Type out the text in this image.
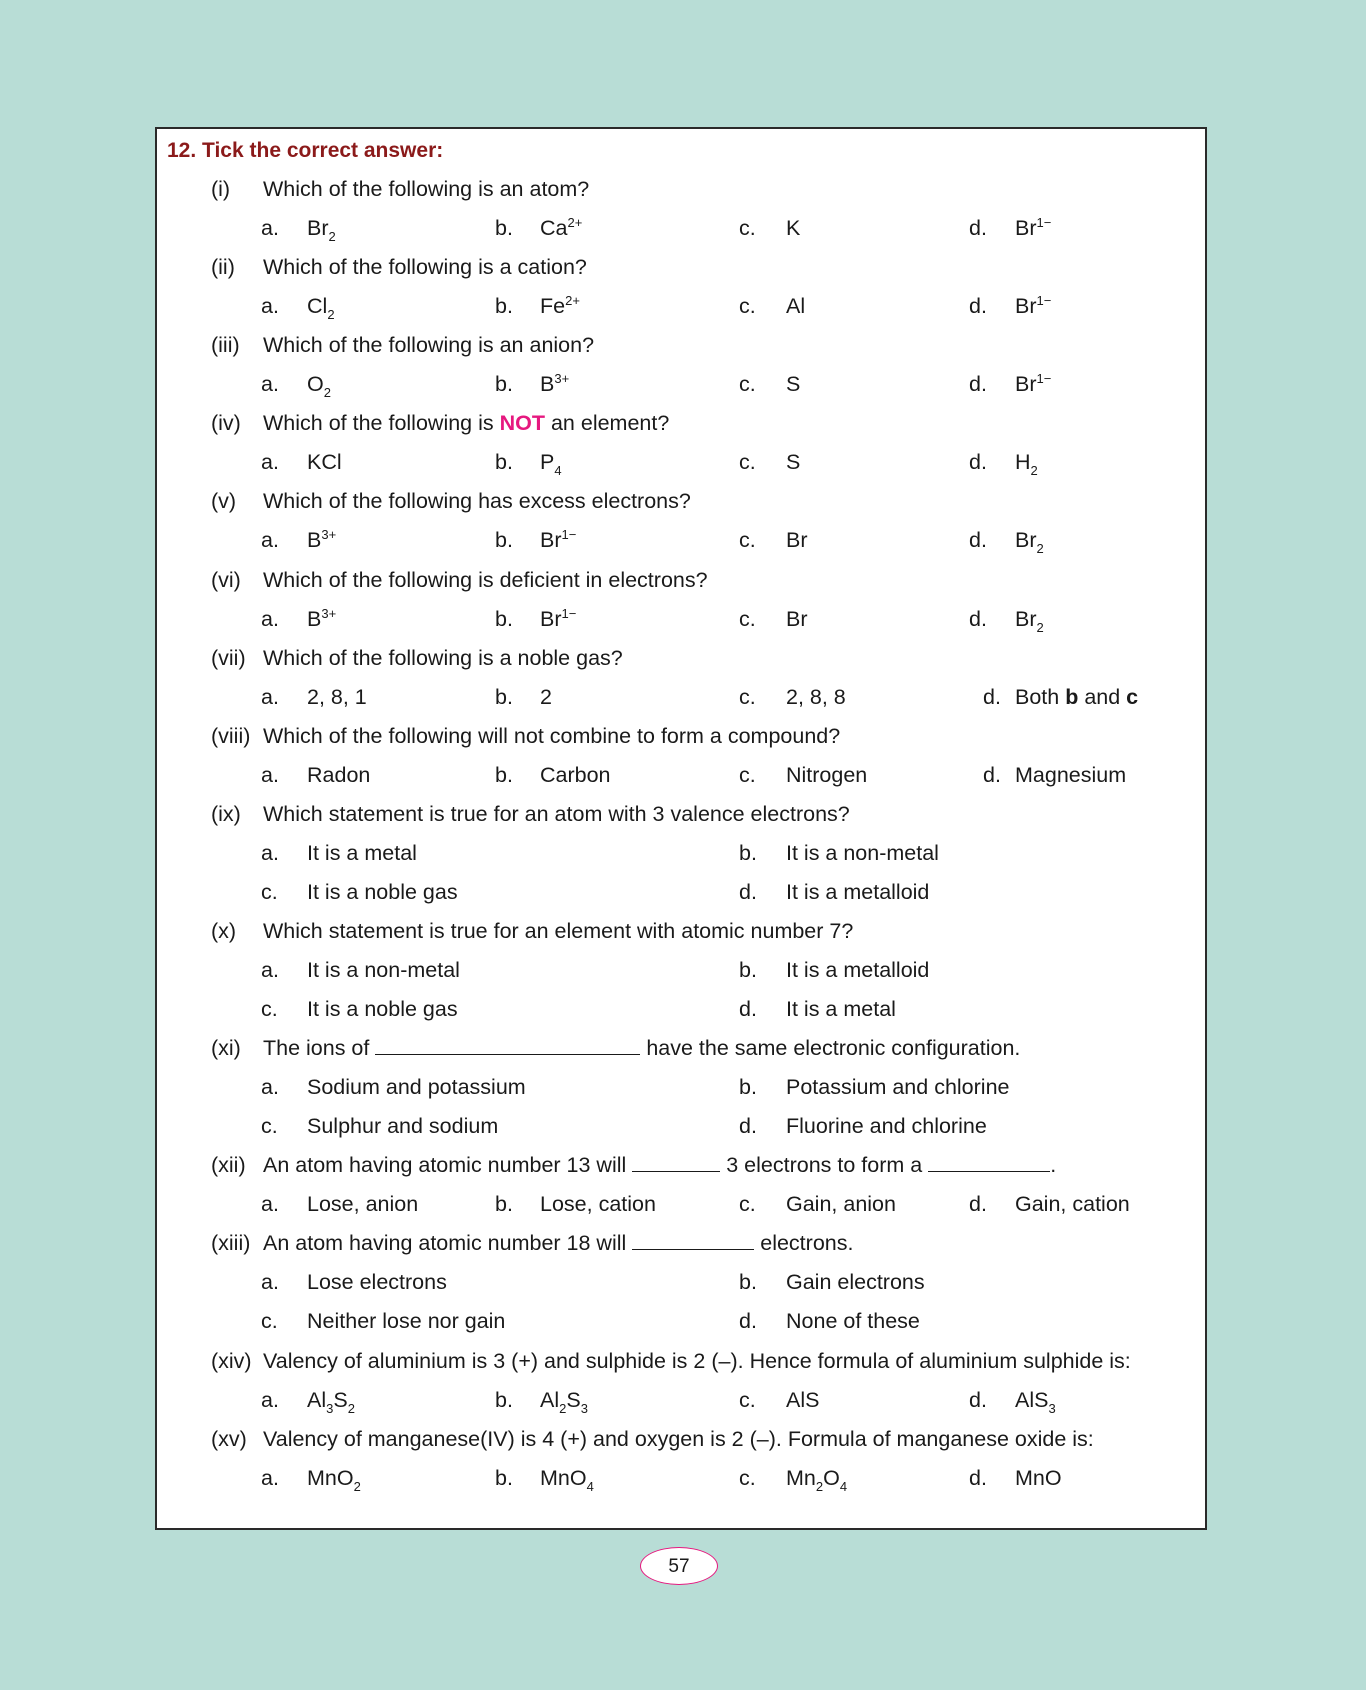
12. Tick the correct answer:
(i) Which of the following is an atom?
a. $Br_2$	b. $Ca^{2+}$	c. K	d. $Br^{1-}$
(ii) Which of the following is a cation?
a. $Cl_2$	b. $Fe^{2+}$	c. Al	d. $Br^{1-}$
(iii) Which of the following is an anion?
a. $O_2$	b. $B^{3+}$	c. S	d. $Br^{1-}$
(iv) Which of the following is NOT an element?
a. KCl	b. $P_4$	c. S	d. $H_2$
(v) Which of the following has excess electrons?
a. $B^{3+}$	b. $Br^{1-}$	c. Br	d. $Br_2$
(vi) Which of the following is deficient in electrons?
a. $B^{3+}$	b. $Br^{1-}$	c. Br	d. $Br_2$
(vii) Which of the following is a noble gas?
a. 2, 8, 1	b. 2	c. 2, 8, 8	d. Both b and c
(viii) Which of the following will not combine to form a compound?
a. Radon	b. Carbon	c. Nitrogen	d. Magnesium
(ix) Which statement is true for an atom with 3 valence electrons?
a. It is a metal	b. It is a non-metal
c. It is a noble gas	d. It is a metalloid
(x) Which statement is true for an element with atomic number 7?
a. It is a non-metal	b. It is a metalloid
c. It is a noble gas	d. It is a metal
(xi) The ions of	have the same electronic configuration.
a. Sodium and potassium	b. Potassium and chlorine
c. Sulphur and sodium	d. Fluorine and chlorine
(xii) An atom having atomic number 13 will	3 electrons to form a	.
a. Lose, anion	b. Lose, cation	c. Gain, anion	d. Gain, cation
(xiii) An atom having atomic number 18 will	electrons.
a. Lose electrons	b. Gain electrons
c. Neither lose nor gain	d. None of these
(xiv) Valency of aluminium is 3 (+) and sulphide is 2 (–). Hence formula of aluminium sulphide is:
a. $Al_3S_2$	b. $Al_2S_3$	c. AlS	d. AlS$_3$
(xv) Valency of manganese(IV) is 4 (+) and oxygen is 2 (–). Formula of manganese oxide is:
a. MnO$_2$	b. MnO$_4$	c. $Mn_2O_4$	d. MnO
57
